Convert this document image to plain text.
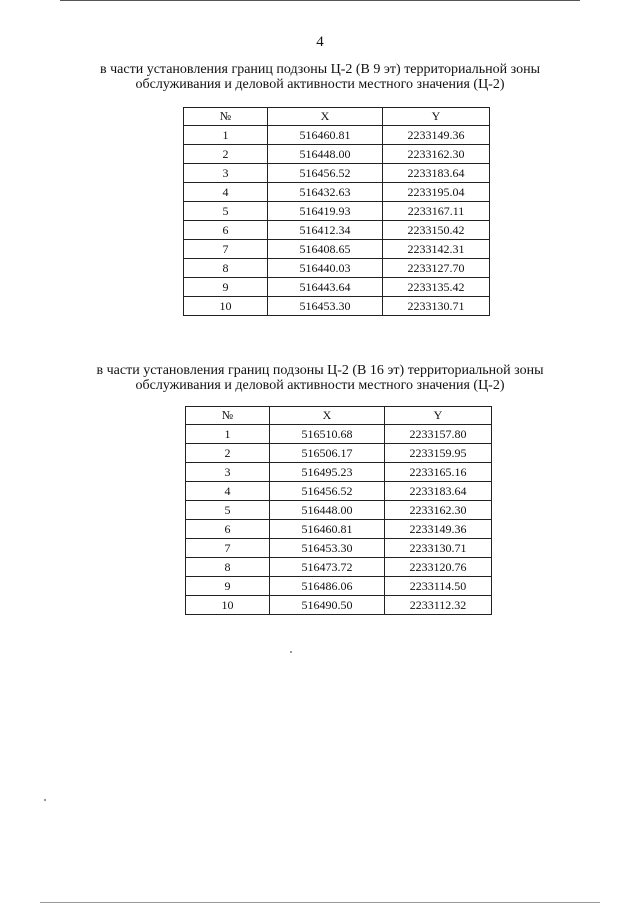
4
в части установления границ подзоны Ц-2 (В 9 эт) территориальной зоны
обслуживания и деловой активности местного значения (Ц-2)
№	X	Y
1	516460.81	2233149.36
2	516448.00	2233162.30
3	516456.52	2233183.64
4	516432.63	2233195.04
5	516419.93	2233167.11
6	516412.34	2233150.42
7	516408.65	2233142.31
8	516440.03	2233127.70
9	516443.64	2233135.42
10	516453.30	2233130.71
в части установления границ подзоны Ц-2 (В 16 эт) территориальной зоны
обслуживания и деловой активности местного значения (Ц-2)
№	X	Y
1	516510.68	2233157.80
2	516506.17	2233159.95
3	516495.23	2233165.16
4	516456.52	2233183.64
5	516448.00	2233162.30
6	516460.81	2233149.36
7	516453.30	2233130.71
8	516473.72	2233120.76
9	516486.06	2233114.50
10	516490.50	2233112.32
